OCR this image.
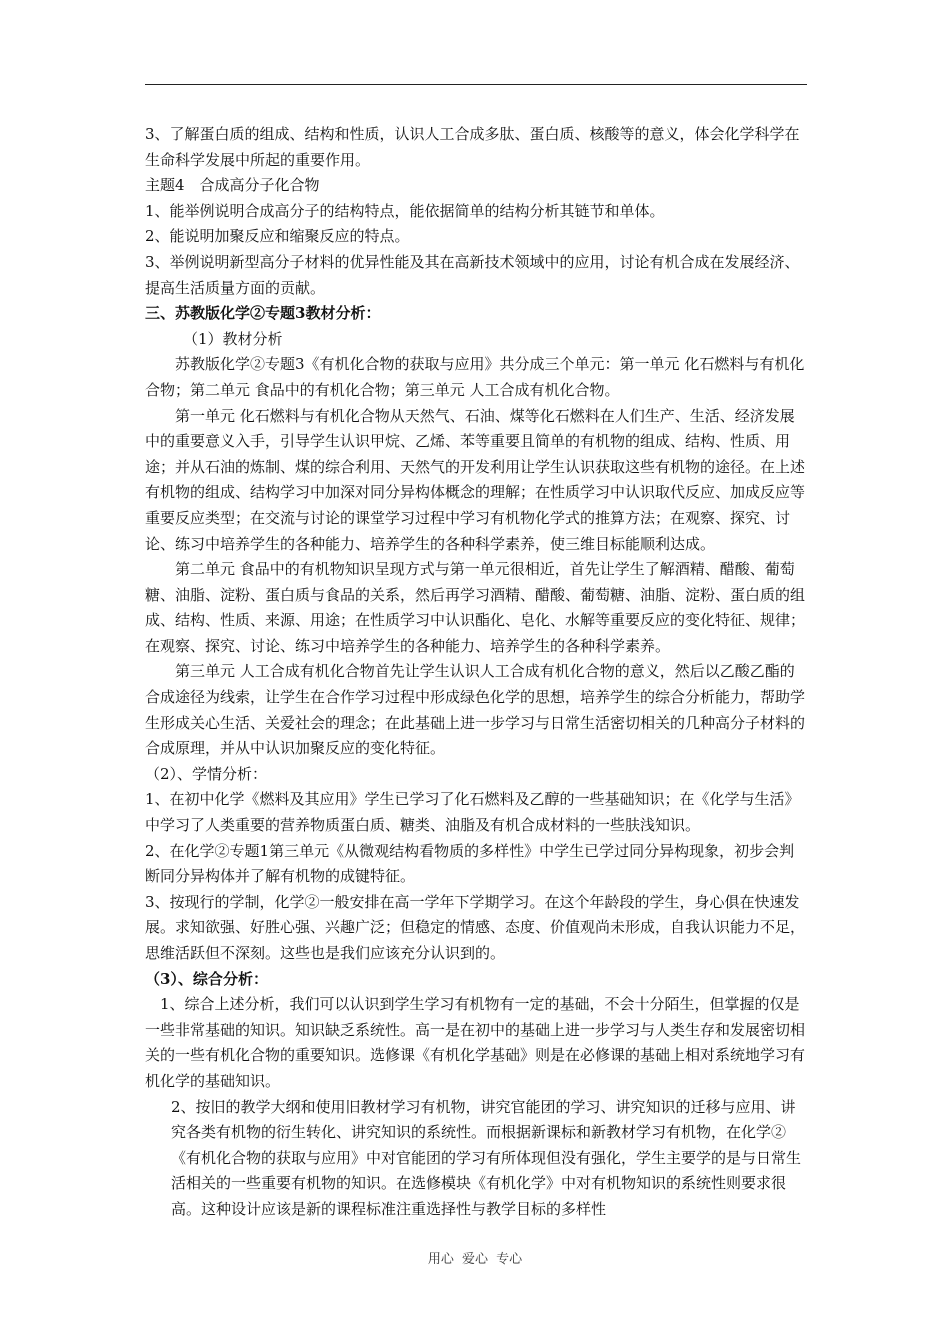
3、了解蛋白质的组成、结构和性质，认识人工合成多肽、蛋白质、核酸等的意义，体会化学科学在生命科学发展中所起的重要作用。

主题4　合成高分子化合物

1、能举例说明合成高分子的结构特点，能依据简单的结构分析其链节和单体。

2、能说明加聚反应和缩聚反应的特点。

3、举例说明新型高分子材料的优异性能及其在高新技术领域中的应用，讨论有机合成在发展经济、提高生活质量方面的贡献。

三、苏教版化学②专题3教材分析：

（1）教材分析

苏教版化学②专题3《有机化合物的获取与应用》共分成三个单元：第一单元 化石燃料与有机化合物；第二单元 食品中的有机化合物；第三单元 人工合成有机化合物。

第一单元 化石燃料与有机化合物从天然气、石油、煤等化石燃料在人们生产、生活、经济发展中的重要意义入手，引导学生认识甲烷、乙烯、苯等重要且简单的有机物的组成、结构、性质、用途；并从石油的炼制、煤的综合利用、天然气的开发利用让学生认识获取这些有机物的途径。在上述有机物的组成、结构学习中加深对同分异构体概念的理解；在性质学习中认识取代反应、加成反应等重要反应类型；在交流与讨论的课堂学习过程中学习有机物化学式的推算方法；在观察、探究、讨论、练习中培养学生的各种能力、培养学生的各种科学素养，使三维目标能顺利达成。

第二单元 食品中的有机物知识呈现方式与第一单元很相近，首先让学生了解酒精、醋酸、葡萄糖、油脂、淀粉、蛋白质与食品的关系，然后再学习酒精、醋酸、葡萄糖、油脂、淀粉、蛋白质的组成、结构、性质、来源、用途；在性质学习中认识酯化、皂化、水解等重要反应的变化特征、规律；在观察、探究、讨论、练习中培养学生的各种能力、培养学生的各种科学素养。

第三单元 人工合成有机化合物首先让学生认识人工合成有机化合物的意义，然后以乙酸乙酯的合成途径为线索，让学生在合作学习过程中形成绿色化学的思想，培养学生的综合分析能力，帮助学生形成关心生活、关爱社会的理念；在此基础上进一步学习与日常生活密切相关的几种高分子材料的合成原理，并从中认识加聚反应的变化特征。

（2）、学情分析：

1、在初中化学《燃料及其应用》学生已学习了化石燃料及乙醇的一些基础知识；在《化学与生活》中学习了人类重要的营养物质蛋白质、糖类、油脂及有机合成材料的一些肤浅知识。

2、在化学②专题1第三单元《从微观结构看物质的多样性》中学生已学过同分异构现象，初步会判断同分异构体并了解有机物的成键特征。

3、按现行的学制，化学②一般安排在高一学年下学期学习。在这个年龄段的学生，身心俱在快速发展。求知欲强、好胜心强、兴趣广泛；但稳定的情感、态度、价值观尚未形成，自我认识能力不足，思维活跃但不深刻。这些也是我们应该充分认识到的。

（3）、综合分析：

1、综合上述分析，我们可以认识到学生学习有机物有一定的基础，不会十分陌生，但掌握的仅是一些非常基础的知识。知识缺乏系统性。高一是在初中的基础上进一步学习与人类生存和发展密切相关的一些有机化合物的重要知识。选修课《有机化学基础》则是在必修课的基础上相对系统地学习有机化学的基础知识。

2、按旧的教学大纲和使用旧教材学习有机物，讲究官能团的学习、讲究知识的迁移与应用、讲究各类有机物的衍生转化、讲究知识的系统性。而根据新课标和新教材学习有机物，在化学②《有机化合物的获取与应用》中对官能团的学习有所体现但没有强化，学生主要学的是与日常生活相关的一些重要有机物的知识。在选修模块《有机化学》中对有机物知识的系统性则要求很高。这种设计应该是新的课程标准注重选择性与教学目标的多样性

用心 爱心 专心
